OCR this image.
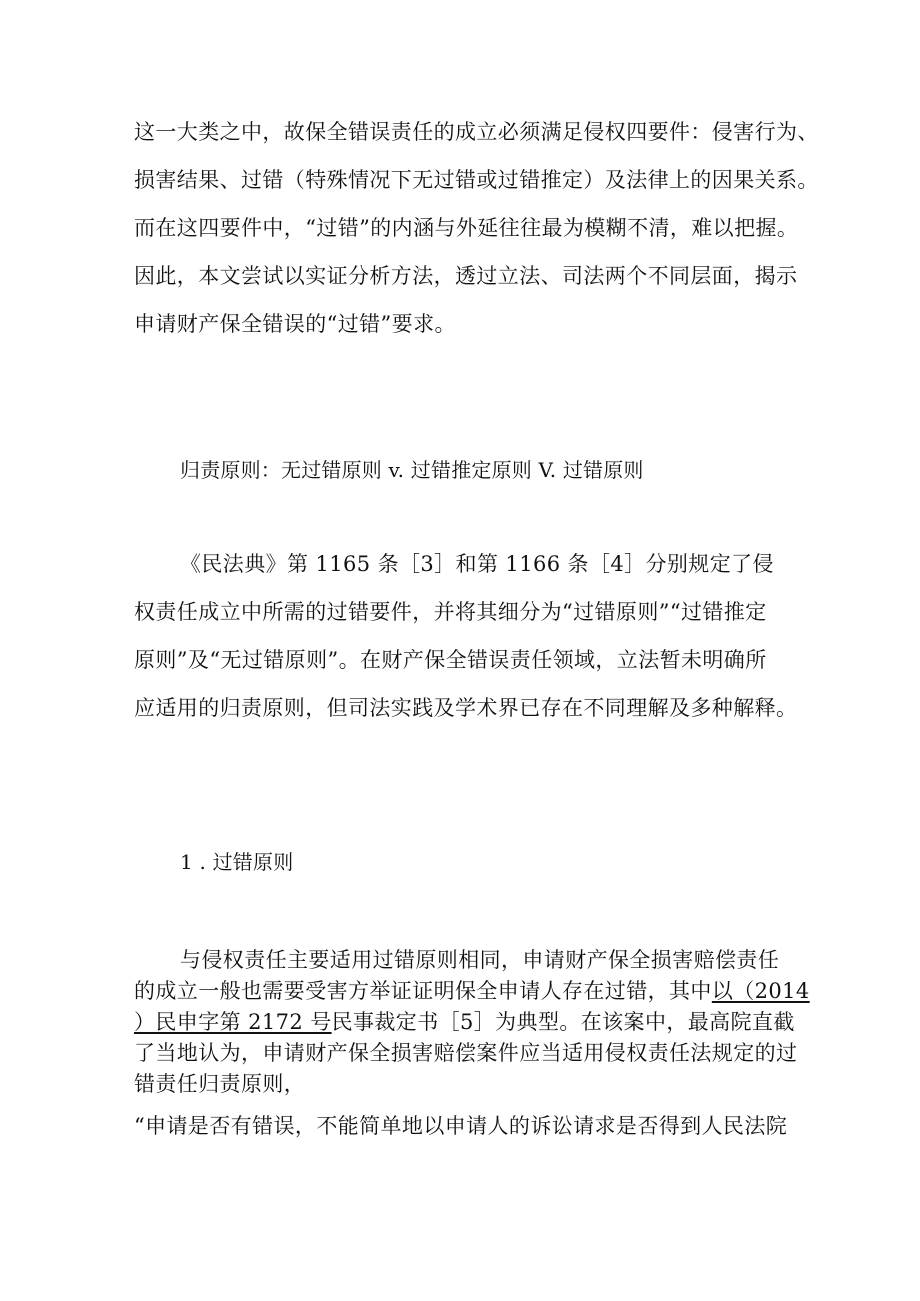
这一大类之中，故保全错误责任的成立必须满足侵权四要件：侵害行为、
损害结果、过错（特殊情况下无过错或过错推定）及法律上的因果关系。
而在这四要件中，“过错”的内涵与外延往往最为模糊不清，难以把握。
因此，本文尝试以实证分析方法，透过立法、司法两个不同层面，揭示
申请财产保全错误的“过错”要求。
归责原则：无过错原则 v. 过错推定原则 V. 过错原则
《民法典》第 1165 条［3］和第 1166 条［4］分别规定了侵
权责任成立中所需的过错要件，并将其细分为“过错原则”“过错推定
原则”及“无过错原则”。在财产保全错误责任领域，立法暂未明确所
应适用的归责原则，但司法实践及学术界已存在不同理解及多种解释。
1 . 过错原则
与侵权责任主要适用过错原则相同，申请财产保全损害赔偿责任
的成立一般也需要受害方举证证明保全申请人存在过错，其中以（2014
）民申字第 2172 号民事裁定书［5］为典型。在该案中，最高院直截
了当地认为，申请财产保全损害赔偿案件应当适用侵权责任法规定的过
错责任归责原则，
“申请是否有错误，不能简单地以申请人的诉讼请求是否得到人民法院
